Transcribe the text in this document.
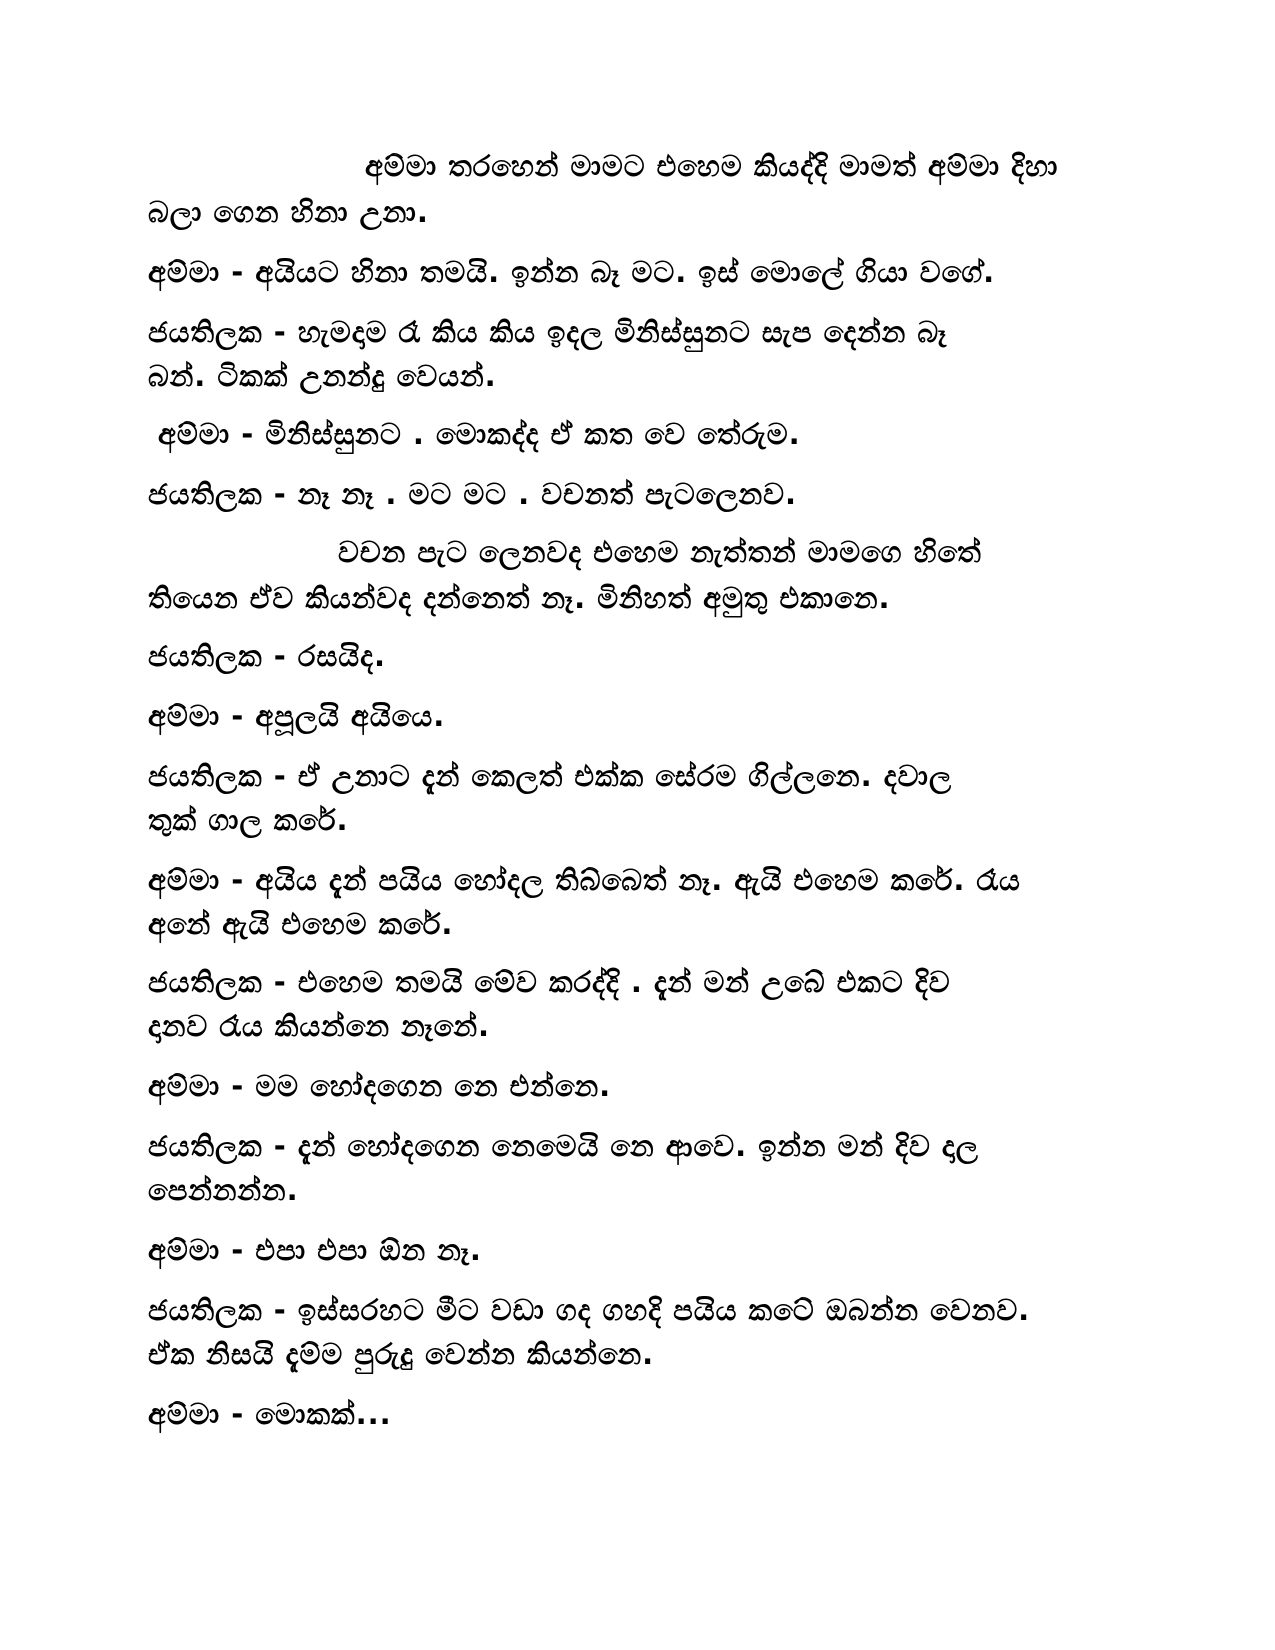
අම්මා තරහෙන් මාමට එහෙම කියද්දි මාමත් අම්මා දිහා

බලා ගෙන හිනා උනා.

අම්මා - අයියට හිනා තමයි. ඉන්න බෑ මට. ඉස් මොලේ ගියා වගේ.

ජයතිලක - හැමදාම රෑ කිය කිය ඉදල මිනිස්සුනට සැප දෙන්න බෑ

බන්. ටිකක් උනන්දු වෙයන්.

අම්මා - මිනිස්සුනට . මොකද්ද ඒ කත වෙ තේරුම.

ජයතිලක - නෑ නෑ . මට මට . වචනත් පැටලෙනව.

වචන පැට ලෙනවද එහෙම නැත්තන් මාමගෙ හිතේ

තියෙන ඒව කියන්වද දන්නෙත් නෑ. මිනිහත් අමුතු එකානෙ.

ජයතිලක - රසයිද.

අම්මා - අපූලයි අයියෙ.

ජයතිලක - ඒ උනාට දැන් කෙලත් එක්ක සේරම ගිල්ලනෙ. දවාල

තුක් ගාල කරේ.

අම්මා - අයිය දැන් පයිය හෝදල තිබ්බෙත් නෑ. ඇයි එහෙම කරේ. රෑය

අනේ ඇයි එහෙම කරේ.

ජයතිලක - එහෙම තමයි මේව කරද්දි . දැන් මන් උබේ එකට දිව

දානව රෑය කියන්නෙ නෑනේ.

අම්මා - මම හෝදගෙන නෙ එන්නෙ.

ජයතිලක - දැන් හෝදගෙන නෙමෙයි නෙ ආවෙ. ඉන්න මන් දිව දාල

පෙන්නන්න.

අම්මා - එපා එපා ඕන නෑ.

ජයතිලක - ඉස්සරහට මීට වඩා ගද ගහදි පයිය කටේ ඔබන්න වෙනව.

ඒක නිසයි දැම්ම පුරුදු වෙන්න කියන්නෙ.

අම්මා - මොකක්...
